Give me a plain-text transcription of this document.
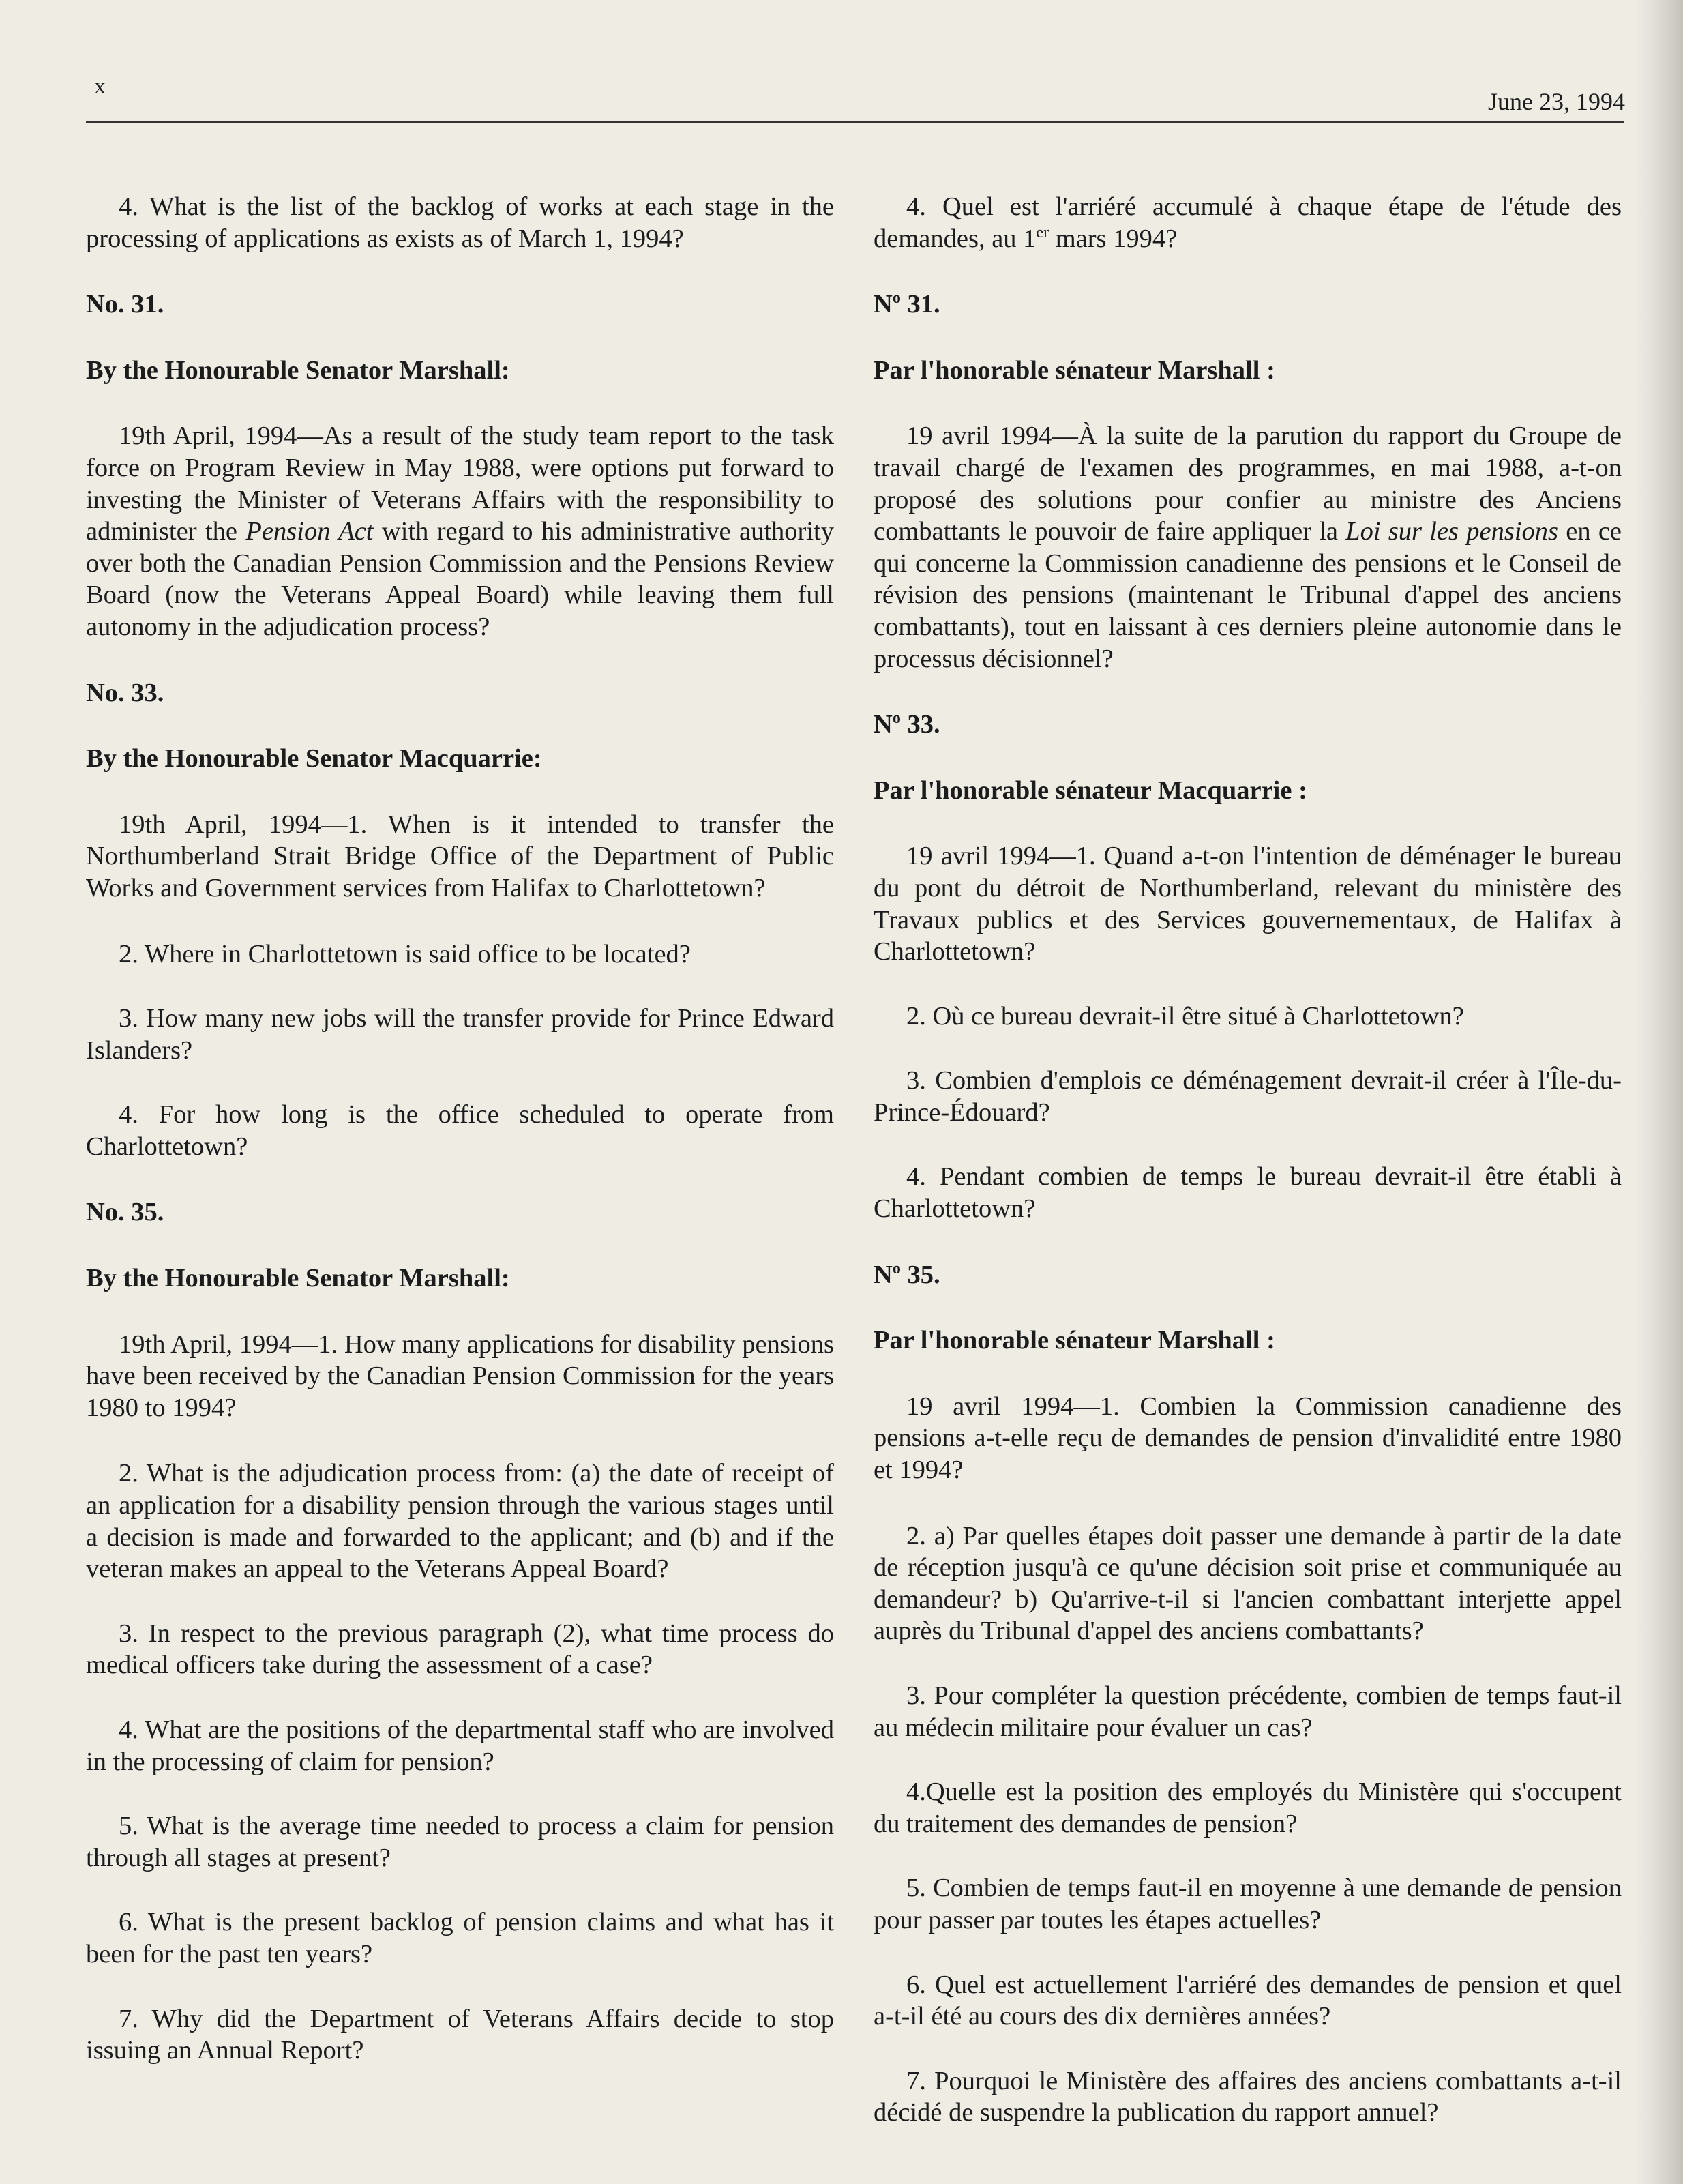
x
June 23, 1994

4. What is the list of the backlog of works at each stage in the processing of applications as exists as of March 1, 1994?

No. 31.
By the Honourable Senator Marshall:

19th April, 1994—As a result of the study team report to the task force on Program Review in May 1988, were options put forward to investing the Minister of Veterans Affairs with the responsibility to administer the Pension Act with regard to his administrative authority over both the Canadian Pension Commission and the Pensions Review Board (now the Veterans Appeal Board) while leaving them full autonomy in the adjudication process?

No. 33.
By the Honourable Senator Macquarrie:

19th April, 1994—1. When is it intended to transfer the Northumberland Strait Bridge Office of the Department of Public Works and Government services from Halifax to Charlottetown?

2. Where in Charlottetown is said office to be located?

3. How many new jobs will the transfer provide for Prince Edward Islanders?

4. For how long is the office scheduled to operate from Charlottetown?

No. 35.
By the Honourable Senator Marshall:

19th April, 1994—1. How many applications for disability pensions have been received by the Canadian Pension Commission for the years 1980 to 1994?

2. What is the adjudication process from: (a) the date of receipt of an application for a disability pension through the various stages until a decision is made and forwarded to the applicant; and (b) and if the veteran makes an appeal to the Veterans Appeal Board?

3. In respect to the previous paragraph (2), what time process do medical officers take during the assessment of a case?

4. What are the positions of the departmental staff who are involved in the processing of claim for pension?

5. What is the average time needed to process a claim for pension through all stages at present?

6. What is the present backlog of pension claims and what has it been for the past ten years?

7. Why did the Department of Veterans Affairs decide to stop issuing an Annual Report?

4. Quel est l'arriéré accumulé à chaque étape de l'étude des demandes, au 1er mars 1994?

$N^o$ 31.
Par l'honorable sénateur Marshall :

19 avril 1994—À la suite de la parution du rapport du Groupe de travail chargé de l'examen des programmes, en mai 1988, a-t-on proposé des solutions pour confier au ministre des Anciens combattants le pouvoir de faire appliquer la Loi sur les pensions en ce qui concerne la Commission canadienne des pensions et le Conseil de révision des pensions (maintenant le Tribunal d'appel des anciens combattants), tout en laissant à ces derniers pleine autonomie dans le processus décisionnel?

$N^o$ 33.
Par l'honorable sénateur Macquarrie :

19 avril 1994—1. Quand a-t-on l'intention de déménager le bureau du pont du détroit de Northumberland, relevant du ministère des Travaux publics et des Services gouvernementaux, de Halifax à Charlottetown?

2. Où ce bureau devrait-il être situé à Charlottetown?

3. Combien d'emplois ce déménagement devrait-il créer à l'Île-du-Prince-Édouard?

4. Pendant combien de temps le bureau devrait-il être établi à Charlottetown?

$N^o$ 35.
Par l'honorable sénateur Marshall :

19 avril 1994—1. Combien la Commission canadienne des pensions a-t-elle reçu de demandes de pension d'invalidité entre 1980 et 1994?

2. a) Par quelles étapes doit passer une demande à partir de la date de réception jusqu'à ce qu'une décision soit prise et communiquée au demandeur? b) Qu'arrive-t-il si l'ancien combattant interjette appel auprès du Tribunal d'appel des anciens combattants?

3. Pour compléter la question précédente, combien de temps faut-il au médecin militaire pour évaluer un cas?

4.Quelle est la position des employés du Ministère qui s'occupent du traitement des demandes de pension?

5. Combien de temps faut-il en moyenne à une demande de pension pour passer par toutes les étapes actuelles?

6. Quel est actuellement l'arriéré des demandes de pension et quel a-t-il été au cours des dix dernières années?

7. Pourquoi le Ministère des affaires des anciens combattants a-t-il décidé de suspendre la publication du rapport annuel?
